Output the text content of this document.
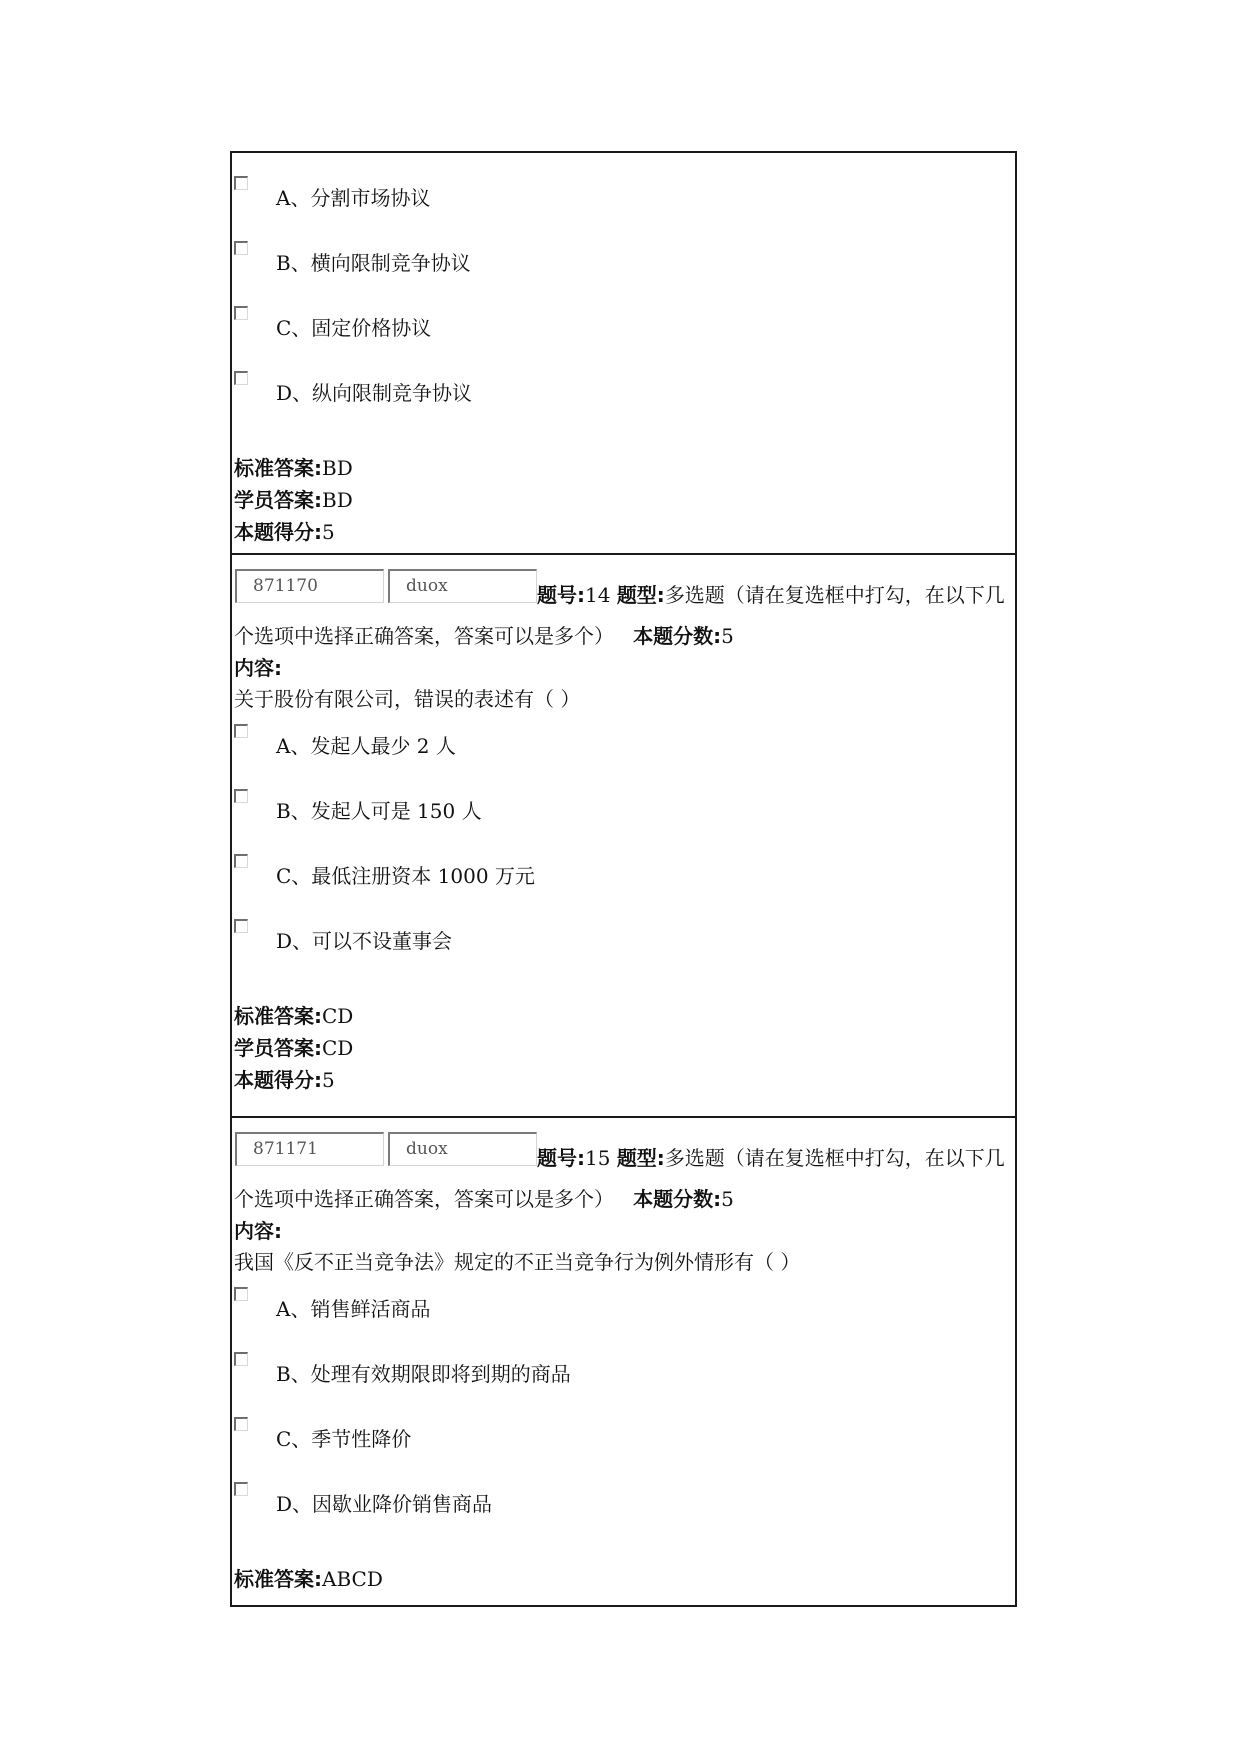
A、分割市场协议
B、横向限制竞争协议
C、固定价格协议
D、纵向限制竞争协议
标准答案:BD
学员答案:BD
本题得分:5
871170	duox	题号:14 题型:多选题（请在复选框中打勾，在以下几
个选项中选择正确答案，答案可以是多个） 本题分数:5
内容:
关于股份有限公司，错误的表述有（ ）
A、发起人最少 2 人
B、发起人可是 150 人
C、最低注册资本 1000 万元
D、可以不设董事会
标准答案:CD
学员答案:CD
本题得分:5
871171	duox	题号:15 题型:多选题（请在复选框中打勾，在以下几
个选项中选择正确答案，答案可以是多个） 本题分数:5
内容:
我国《反不正当竞争法》规定的不正当竞争行为例外情形有（ ）
A、销售鲜活商品
B、处理有效期限即将到期的商品
C、季节性降价
D、因歇业降价销售商品
标准答案:ABCD
